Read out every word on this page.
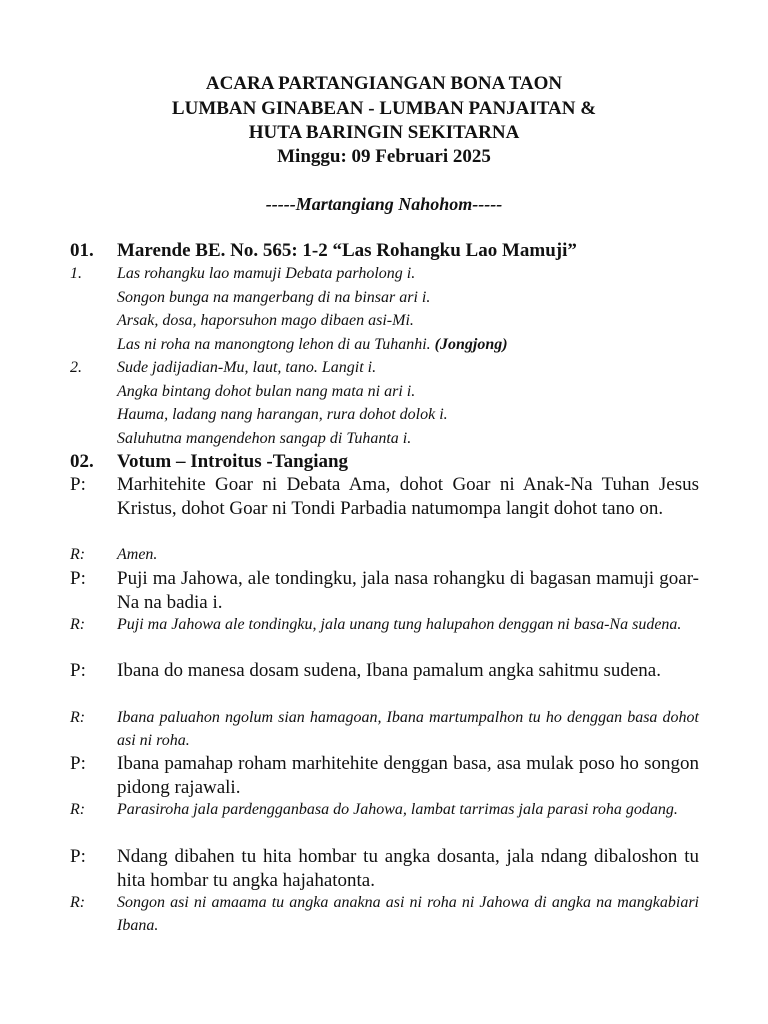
ACARA PARTANGIANGAN BONA TAON
LUMBAN GINABEAN - LUMBAN PANJAITAN &
HUTA BARINGIN SEKITARNA
Minggu: 09 Februari 2025
-----Martangiang Nahohom-----
01. Marende BE. No. 565: 1-2 “Las Rohangku Lao Mamuji”
1. Las rohangku lao mamuji Debata parholong i.
Songon bunga na mangerbang di na binsar ari i.
Arsak, dosa, haporsuhon mago dibaen asi-Mi.
Las ni roha na manongtong lehon di au Tuhanhi. (Jongjong)
2. Sude jadijadian-Mu, laut, tano. Langit i.
Angka bintang dohot bulan nang mata ni ari i.
Hauma, ladang nang harangan, rura dohot dolok i.
Saluhutna mangendehon sangap di Tuhanta i.
02. Votum – Introitus -Tangiang
P: Marhitehite Goar ni Debata Ama, dohot Goar ni Anak-Na Tuhan Jesus Kristus, dohot Goar ni Tondi Parbadia natumompa langit dohot tano on.
R: Amen.
P: Puji ma Jahowa, ale tondingku, jala nasa rohangku di bagasan mamuji goar-Na na badia i.
R: Puji ma Jahowa ale tondingku, jala unang tung halupahon denggan ni basa-Na sudena.
P: Ibana do manesa dosam sudena, Ibana pamalum angka sahitmu sudena.
R: Ibana paluahon ngolum sian hamagoan, Ibana martumpalhon tu ho denggan basa dohot asi ni roha.
P: Ibana pamahap roham marhitehite denggan basa, asa mulak poso ho songon pidong rajawali.
R: Parasiroha jala pardengganbasa do Jahowa, lambat tarrimas jala parasi roha godang.
P: Ndang dibahen tu hita hombar tu angka dosanta, jala ndang dibaloshon tu hita hombar tu angka hajahatonta.
R: Songon asi ni amaama tu angka anakna asi ni roha ni Jahowa di angka na mangkabiari Ibana.
